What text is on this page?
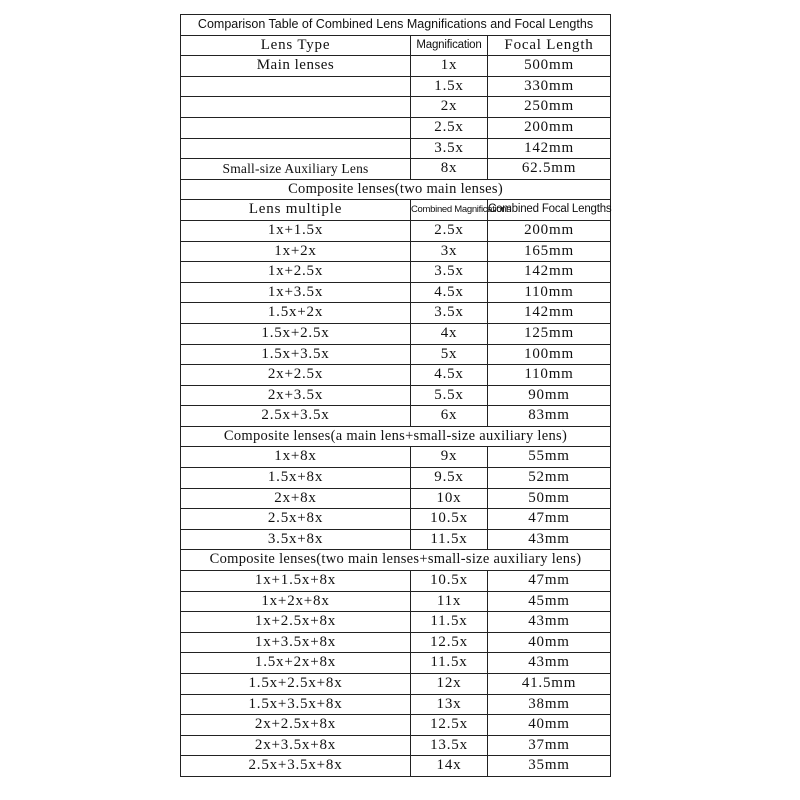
Comparison Table of Combined Lens Magnifications and Focal Lengths		
Lens Type	Magnification	Focal Length
Main lenses	1x	500mm
	1.5x	330mm
	2x	250mm
	2.5x	200mm
	3.5x	142mm
Small-size Auxiliary Lens	8x	62.5mm
Composite lenses(two main lenses)		
Lens multiple	Combined Magnifications	Combined Focal Lengths
1x+1.5x	2.5x	200mm
1x+2x	3x	165mm
1x+2.5x	3.5x	142mm
1x+3.5x	4.5x	110mm
1.5x+2x	3.5x	142mm
1.5x+2.5x	4x	125mm
1.5x+3.5x	5x	100mm
2x+2.5x	4.5x	110mm
2x+3.5x	5.5x	90mm
2.5x+3.5x	6x	83mm
Composite lenses(a main lens+small-size auxiliary lens)		
1x+8x	9x	55mm
1.5x+8x	9.5x	52mm
2x+8x	10x	50mm
2.5x+8x	10.5x	47mm
3.5x+8x	11.5x	43mm
Composite lenses(two main lenses+small-size auxiliary lens)		
1x+1.5x+8x	10.5x	47mm
1x+2x+8x	11x	45mm
1x+2.5x+8x	11.5x	43mm
1x+3.5x+8x	12.5x	40mm
1.5x+2x+8x	11.5x	43mm
1.5x+2.5x+8x	12x	41.5mm
1.5x+3.5x+8x	13x	38mm
2x+2.5x+8x	12.5x	40mm
2x+3.5x+8x	13.5x	37mm
2.5x+3.5x+8x	14x	35mm
